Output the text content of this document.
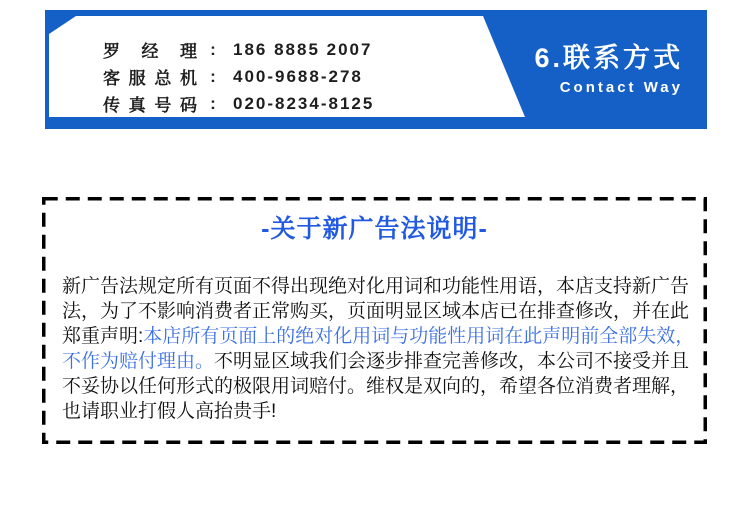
罗经理 : 186 8885 2007
客服总机 : 400-9688-278
传真号码 : 020-8234-8125
6.联系方式
Contact Way
-关于新广告法说明-
新广告法规定所有页面不得出现绝对化用词和功能性用语，本店支持新广告
法，为了不影响消费者正常购买，页面明显区域本店已在排查修改，并在此
郑重声明:本店所有页面上的绝对化用词与功能性用词在此声明前全部失效，
不作为赔付理由。不明显区域我们会逐步排查完善修改，本公司不接受并且
不妥协以任何形式的极限用词赔付。维权是双向的，希望各位消费者理解，
也请职业打假人高抬贵手!
